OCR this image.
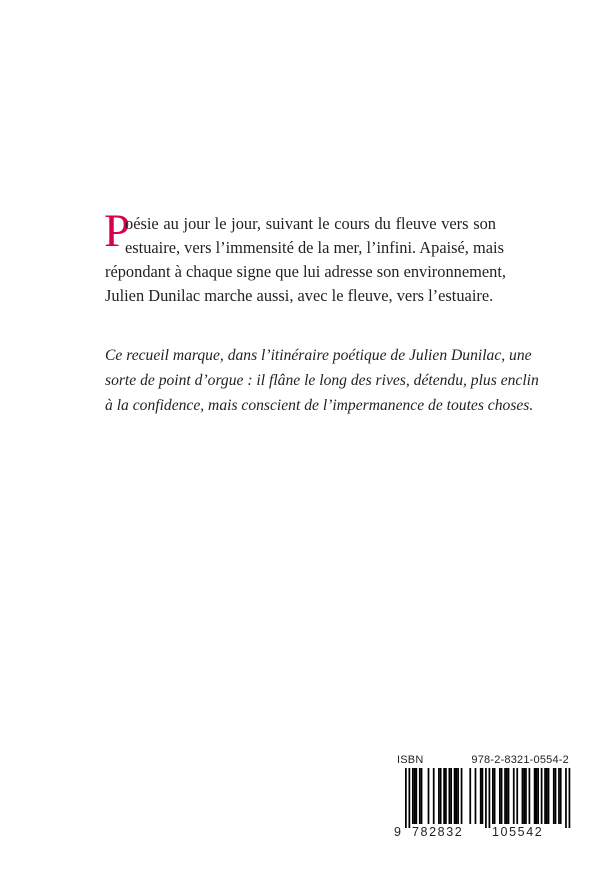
P

oésie au jour le jour, suivant le cours du fleuve vers son
estuaire, vers l’immensité de la mer, l’infini. Apaisé, mais
répondant à chaque signe que lui adresse son environnement,
Julien Dunilac marche aussi, avec le fleuve, vers l’estuaire.

Ce recueil marque, dans l’itinéraire poétique de Julien Dunilac, une
sorte de point d’orgue : il flâne le long des rives, détendu, plus enclin
à la confidence, mais conscient de l’impermanence de toutes choses.

ISBN	978-2-8321-0554-2
9 782832 105542
